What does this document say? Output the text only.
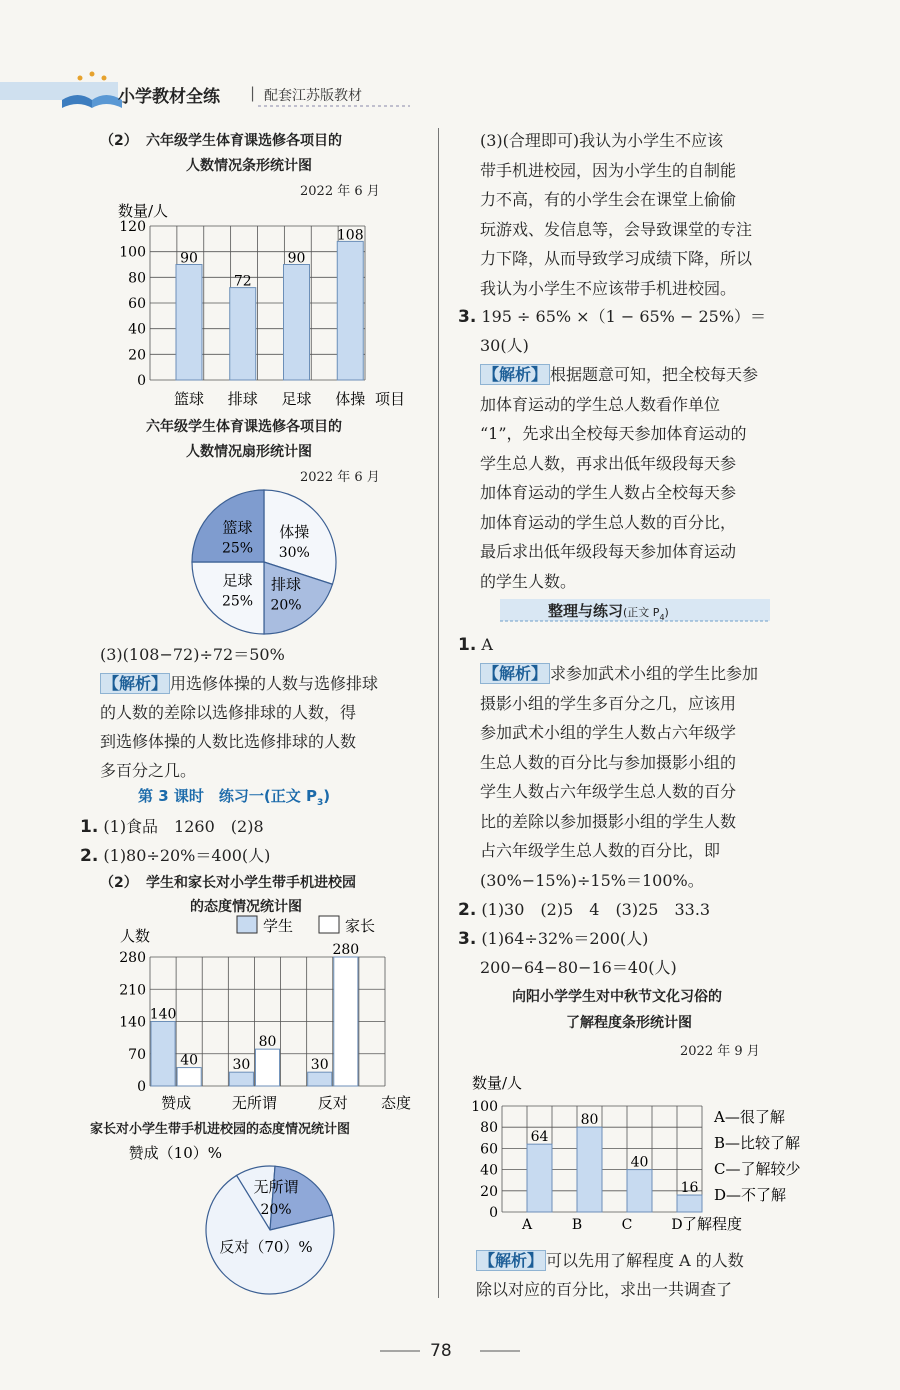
小学教材全练 | 配套江苏版教材
（2） 六年级学生体育课选修各项目的
人数情况条形统计图
2022 年 6 月
数量/人
0
20
40
60
80
100
120
90
篮球
72
排球
90
足球
108
体操 项目
六年级学生体育课选修各项目的
人数情况扇形统计图
2022 年 6 月
体操
30%
排球
20%
足球
25%
篮球
25%
(3)(108−72)÷72＝50%
【解析】 用选修体操的人数与选修排球
的人数的差除以选修排球的人数，得
到选修体操的人数比选修排球的人数
多百分之几。
第 3 课时　练习一(正文 $P_3$)
1. (1)食品　1260　(2)8
2. (1)80÷20%＝400(人)
（2） 学生和家长对小学生带手机进校园
的态度情况统计图
学生	家长
人数
0
70
140
210
280
140
40
赞成
30
80
无所谓
30
280
反对 态度
家长对小学生带手机进校园的态度情况统计图
赞成（10）%
无所谓
20%
反对（70）%
(3)(合理即可)我认为小学生不应该
带手机进校园，因为小学生的自制能
力不高，有的小学生会在课堂上偷偷
玩游戏、发信息等，会导致课堂的专注
力下降，从而导致学习成绩下降，所以
我认为小学生不应该带手机进校园。
3. 195 ÷ 65% ×（1 − 65% − 25%）＝
30(人)
【解析】 根据题意可知，把全校每天参
加体育运动的学生总人数看作单位
“1”，先求出全校每天参加体育运动的
学生总人数，再求出低年级段每天参
加体育运动的学生人数占全校每天参
加体育运动的学生总人数的百分比，
最后求出低年级段每天参加体育运动
的学生人数。
整理与练习(正文 $P_4$)
1. A
【解析】 求参加武术小组的学生比参加
摄影小组的学生多百分之几，应该用
参加武术小组的学生人数占六年级学
生总人数的百分比与参加摄影小组的
学生人数占六年级学生总人数的百分
比的差除以参加摄影小组的学生人数
占六年级学生总人数的百分比，即
(30%−15%)÷15%＝100%。
2. (1)30　(2)5　4　(3)25　33.3
3. (1)64÷32%＝200(人)
200−64−80−16＝40(人)
向阳小学学生对中秋节文化习俗的
了解程度条形统计图
2022 年 9 月
数量/人
0
20
40
60
80
100
64
A
80
B
40
C
16
D 了解程度
A—很了解
B—比较了解
C—了解较少
D—不了解
【解析】 可以先用了解程度 A 的人数
除以对应的百分比，求出一共调查了
78
